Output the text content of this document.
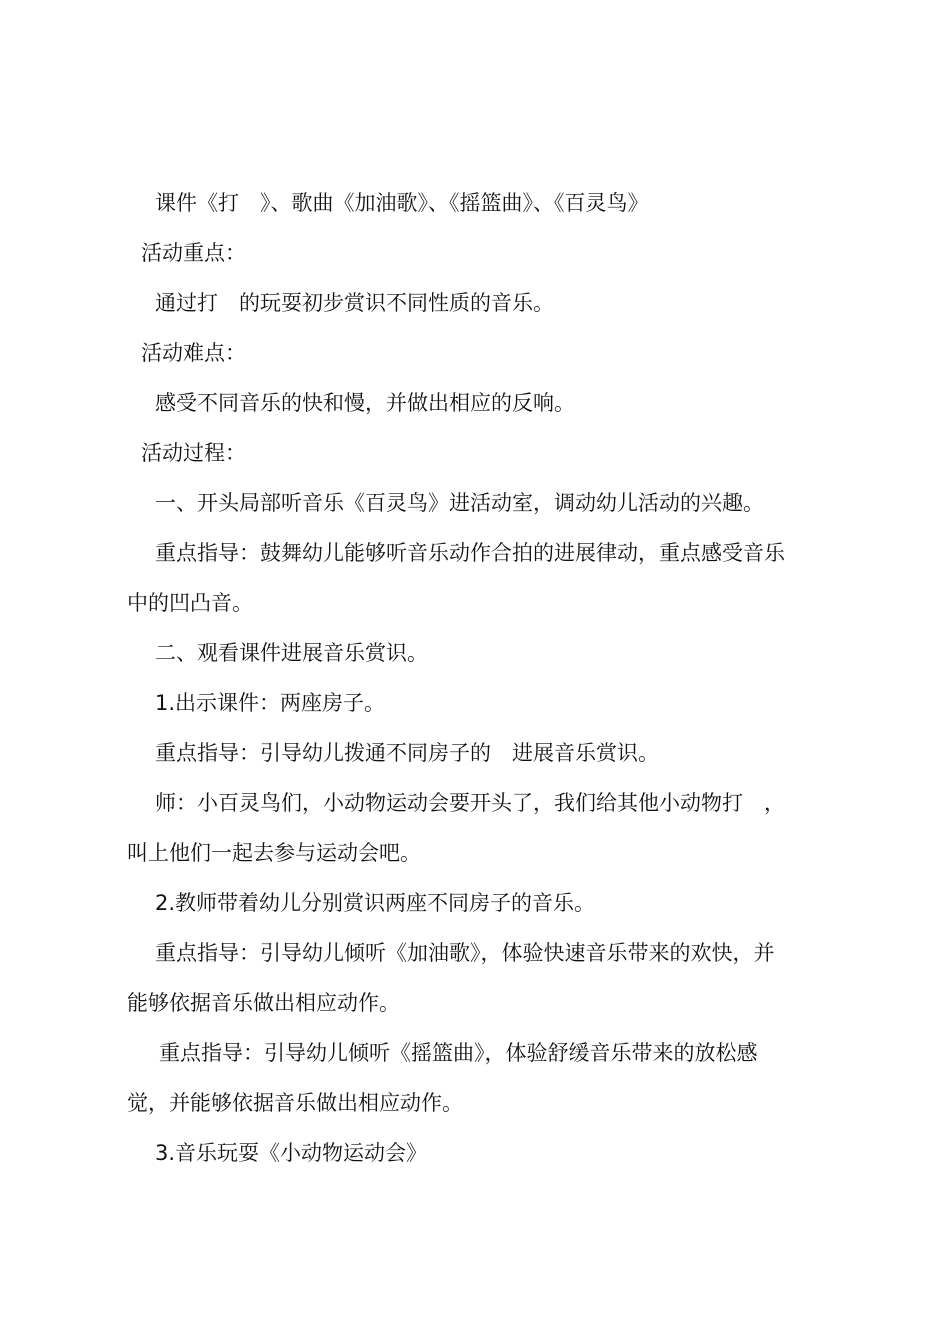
课件《打　》、歌曲《加油歌》、《摇篮曲》、《百灵鸟》
活动重点：
通过打　的玩耍初步赏识不同性质的音乐。
活动难点：
感受不同音乐的快和慢，并做出相应的反响。
活动过程：
一、开头局部听音乐《百灵鸟》进活动室，调动幼儿活动的兴趣。
重点指导：鼓舞幼儿能够听音乐动作合拍的进展律动，重点感受音乐
中的凹凸音。
二、观看课件进展音乐赏识。
1.出示课件：两座房子。
重点指导：引导幼儿拨通不同房子的　进展音乐赏识。
师：小百灵鸟们，小动物运动会要开头了，我们给其他小动物打　，
叫上他们一起去参与运动会吧。
2.教师带着幼儿分别赏识两座不同房子的音乐。
重点指导：引导幼儿倾听《加油歌》，体验快速音乐带来的欢快，并
能够依据音乐做出相应动作。
重点指导：引导幼儿倾听《摇篮曲》，体验舒缓音乐带来的放松感
觉，并能够依据音乐做出相应动作。
3.音乐玩耍《小动物运动会》
